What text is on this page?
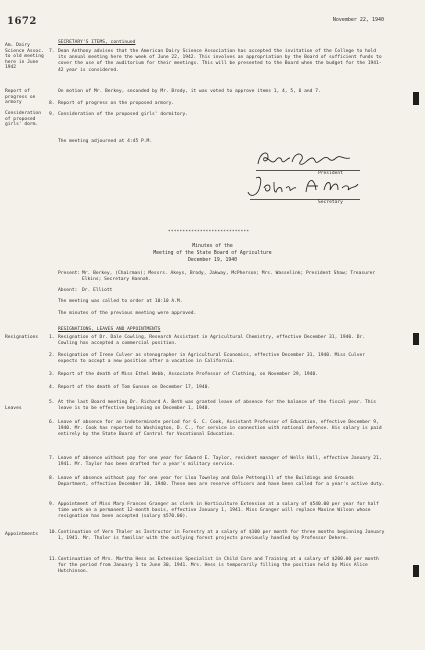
1672	November 22, 1940
SECRETARY'S ITEMS, continued
Am. Dairy Science Assoc. to old meeting here in June 1942
Report of progress on armory
Consideration of proposed girls' dorm.
7. Dean Anthony advises that the American Dairy Science Association has accepted the invitation of the College to hold its annual meeting here the week of June 22, 1942. This involves an appropriation by the Board of sufficient funds to cover the use of the auditorium for their meetings. This will be presented to the Board when the budget for the 1941-42 year is considered.
On motion of Mr. Berkey, seconded by Mr. Brody, it was voted to approve items 1, 4, 5, 6 and 7.
8. Report of progress on the proposed armory.
9. Consideration of the proposed girls' dormitory.
The meeting adjourned at 4:45 P.M.
President
Secretary
****************************
Minutes of the
Meeting of the State Board of Agriculture
December 19, 1940
Present: Mr. Berkey, (Chairman); Messrs. Akeys, Brody, Jakway, McPherson; Mrs. Wasselink; President Shaw; Treasurer Elkins; Secretary Hannah.
Absent: Dr. Elliott
The meeting was called to order at 10:10 A.M.
The minutes of the previous meeting were approved.
RESIGNATIONS, LEAVES AND APPOINTMENTS
Resignations
Leaves
Appointments
1. Resignation of Dr. Dale Cowling, Research Assistant in Agricultural Chemistry, effective December 31, 1940. Dr. Cowling has accepted a commercial position.
2. Resignation of Irene Culver as stenographer in Agricultural Economics, effective December 31, 1940. Miss Culver expects to accept a new position after a vacation in California.
3. Report of the death of Miss Ethel Webb, Associate Professor of Clothing, on November 29, 1940.
4. Report of the death of Tom Gunson on December 17, 1940.
5. At the last Board meeting Dr. Richard A. Beth was granted leave of absence for the balance of the fiscal year. This leave is to be effective beginning on December 1, 1940.
6. Leave of absence for an indeterminate period for G. C. Cook, Assistant Professor of Education, effective December 9, 1940. Mr. Cook has reported to Washington, D. C., for service in connection with national defense. His salary is paid entirely by the State Board of Control for Vocational Education.
7. Leave of absence without pay for one year for Edward E. Taylor, resident manager of Wells Hall, effective January 21, 1941. Mr. Taylor has been drafted for a year's military service.
8. Leave of absence without pay for one year for Lloa Townley and Dale Pettengill of the Buildings and Grounds Department, effective December 10, 1940. These men are reserve officers and have been called for a year's active duty.
9. Appointment of Miss Mary Frances Granger as clerk in Horticulture Extension at a salary of $540.00 per year for half time work on a permanent 12-month basis, effective January 1, 1941. Miss Granger will replace Maxine Wilson whose resignation has been accepted (salary $570.00).
10. Continuation of Vern Thaler as Instructor in Forestry at a salary of $100 per month for three months beginning January 1, 1941. Mr. Thaler is familiar with the outlying forest projects previously handled by Professor Dehere.
11. Continuation of Mrs. Martha Hess as Extension Specialist in Child Care and Training at a salary of $200.00 per month for the period from January 1 to June 30, 1941. Mrs. Hess is temporarily filling the position held by Miss Alice Hutchinson.
